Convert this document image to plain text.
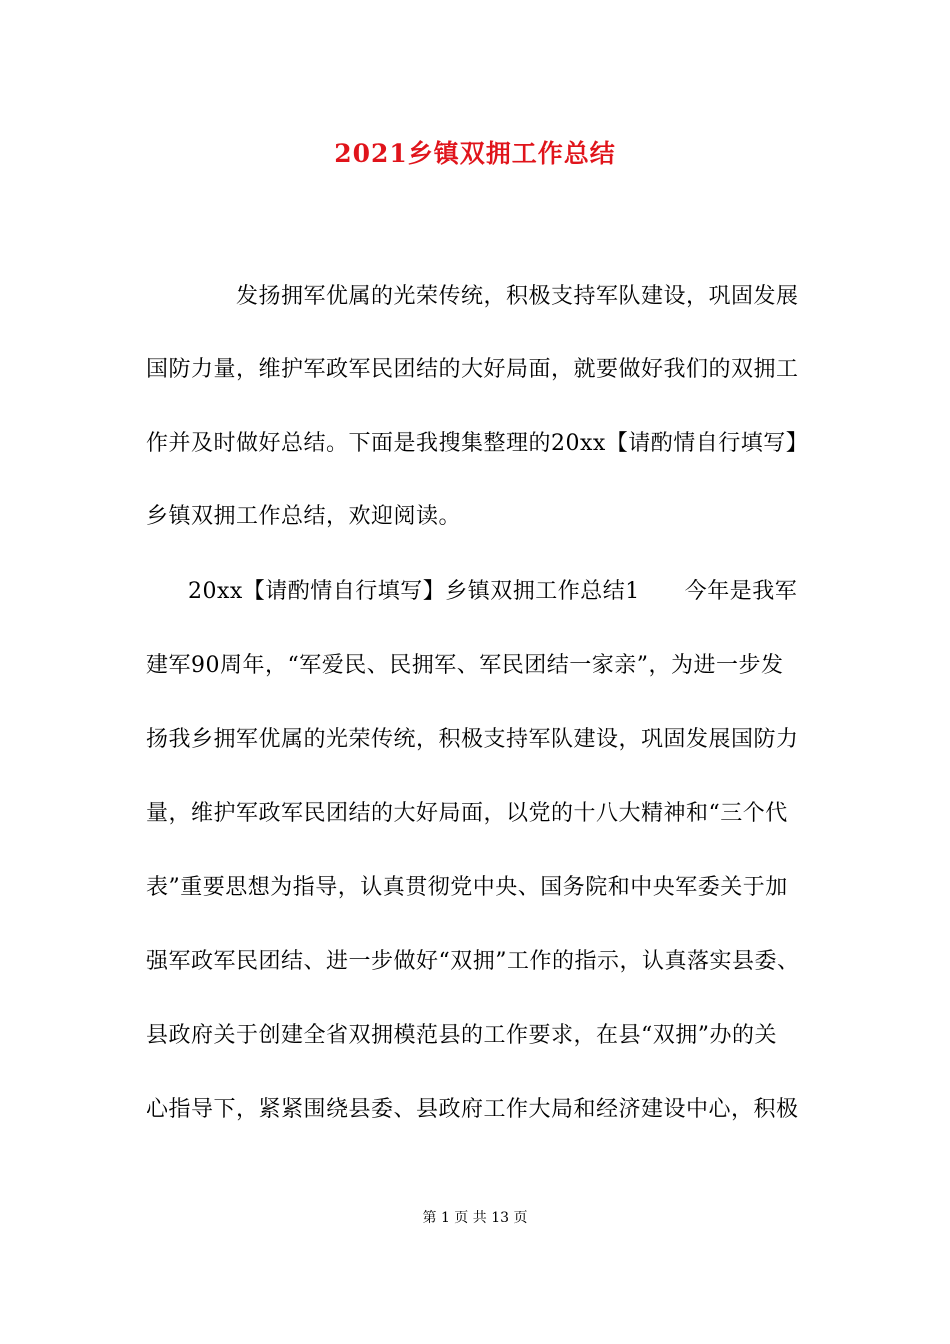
2021乡镇双拥工作总结
发扬拥军优属的光荣传统，积极支持军队建设，巩固发展
国防力量，维护军政军民团结的大好局面，就要做好我们的双拥工
作并及时做好总结。下面是我搜集整理的20xx【请酌情自行填写】
乡镇双拥工作总结，欢迎阅读。
20xx【请酌情自行填写】乡镇双拥工作总结1　　今年是我军
建军90周年，“军爱民、民拥军、军民团结一家亲”，为进一步发
扬我乡拥军优属的光荣传统，积极支持军队建设，巩固发展国防力
量，维护军政军民团结的大好局面，以党的十八大精神和“三个代
表”重要思想为指导，认真贯彻党中央、国务院和中央军委关于加
强军政军民团结、进一步做好“双拥”工作的指示，认真落实县委、
县政府关于创建全省双拥模范县的工作要求，在县“双拥”办的关
心指导下，紧紧围绕县委、县政府工作大局和经济建设中心，积极
第 1 页 共 13 页
